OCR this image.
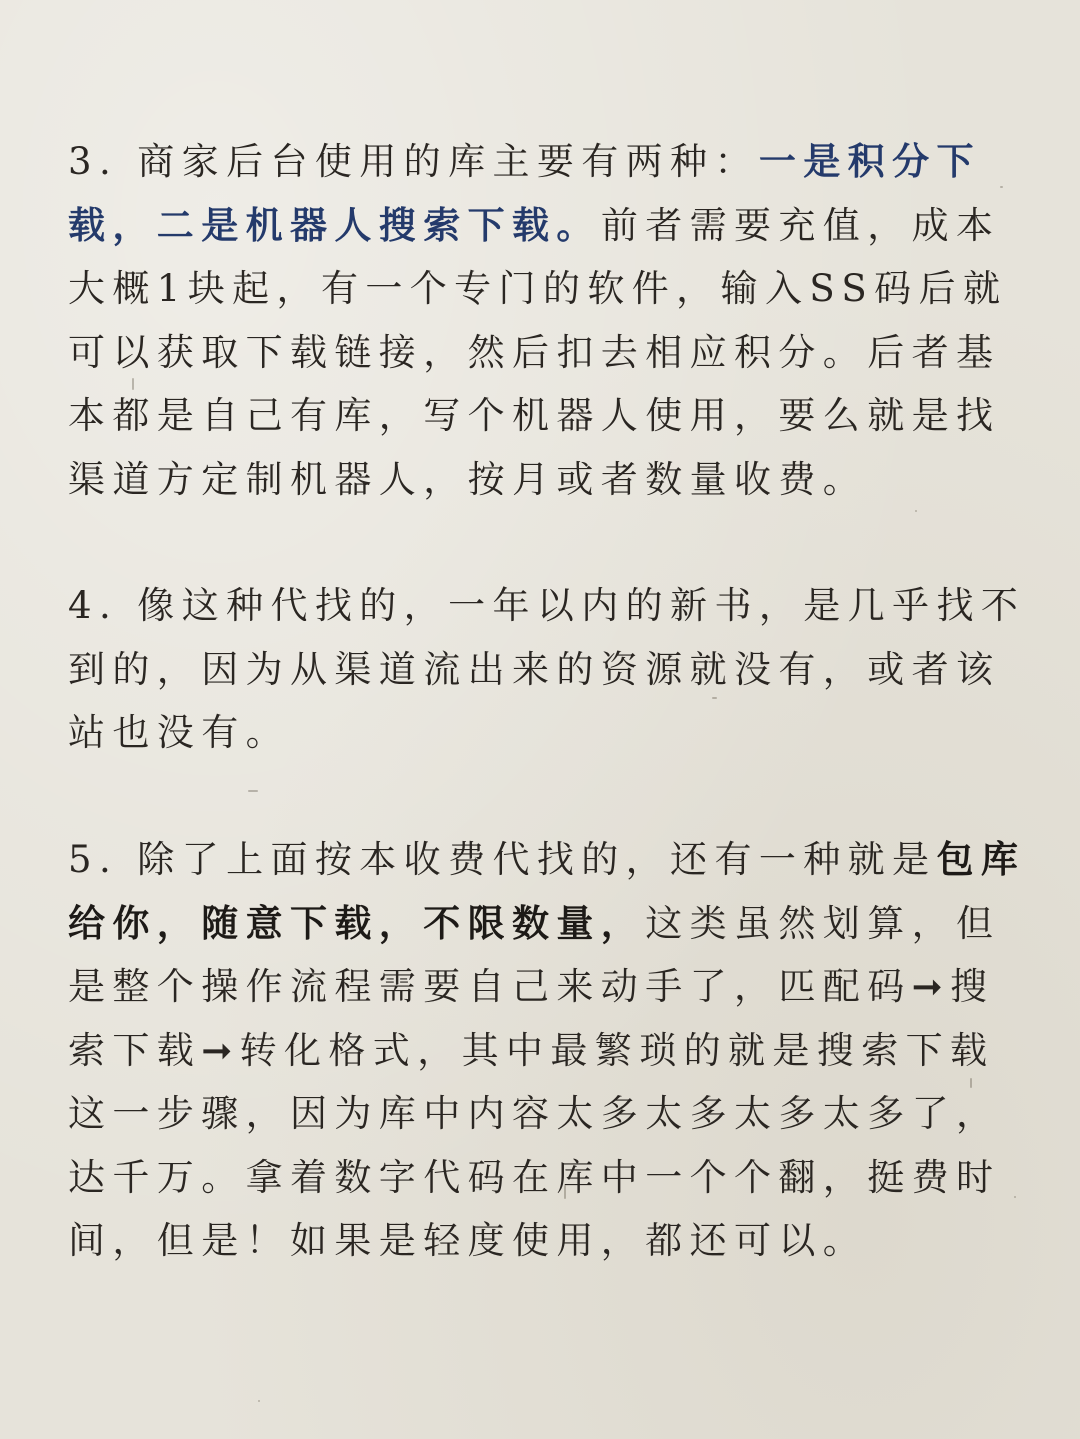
3. 商家后台使用的库主要有两种：一是积分下载，二是机器人搜索下载。前者需要充值，成本大概1块起，有一个专门的软件，输入SS码后就可以获取下载链接，然后扣去相应积分。后者基本都是自己有库，写个机器人使用，要么就是找渠道方定制机器人，按月或者数量收费。

4. 像这种代找的，一年以内的新书，是几乎找不到的，因为从渠道流出来的资源就没有，或者该站也没有。

5. 除了上面按本收费代找的，还有一种就是包库给你，随意下载，不限数量，这类虽然划算，但是整个操作流程需要自己来动手了，匹配码➞搜索下载➞转化格式，其中最繁琐的就是搜索下载这一步骤，因为库中内容太多太多太多太多了，达千万。拿着数字代码在库中一个个翻，挺费时间，但是！如果是轻度使用，都还可以。
